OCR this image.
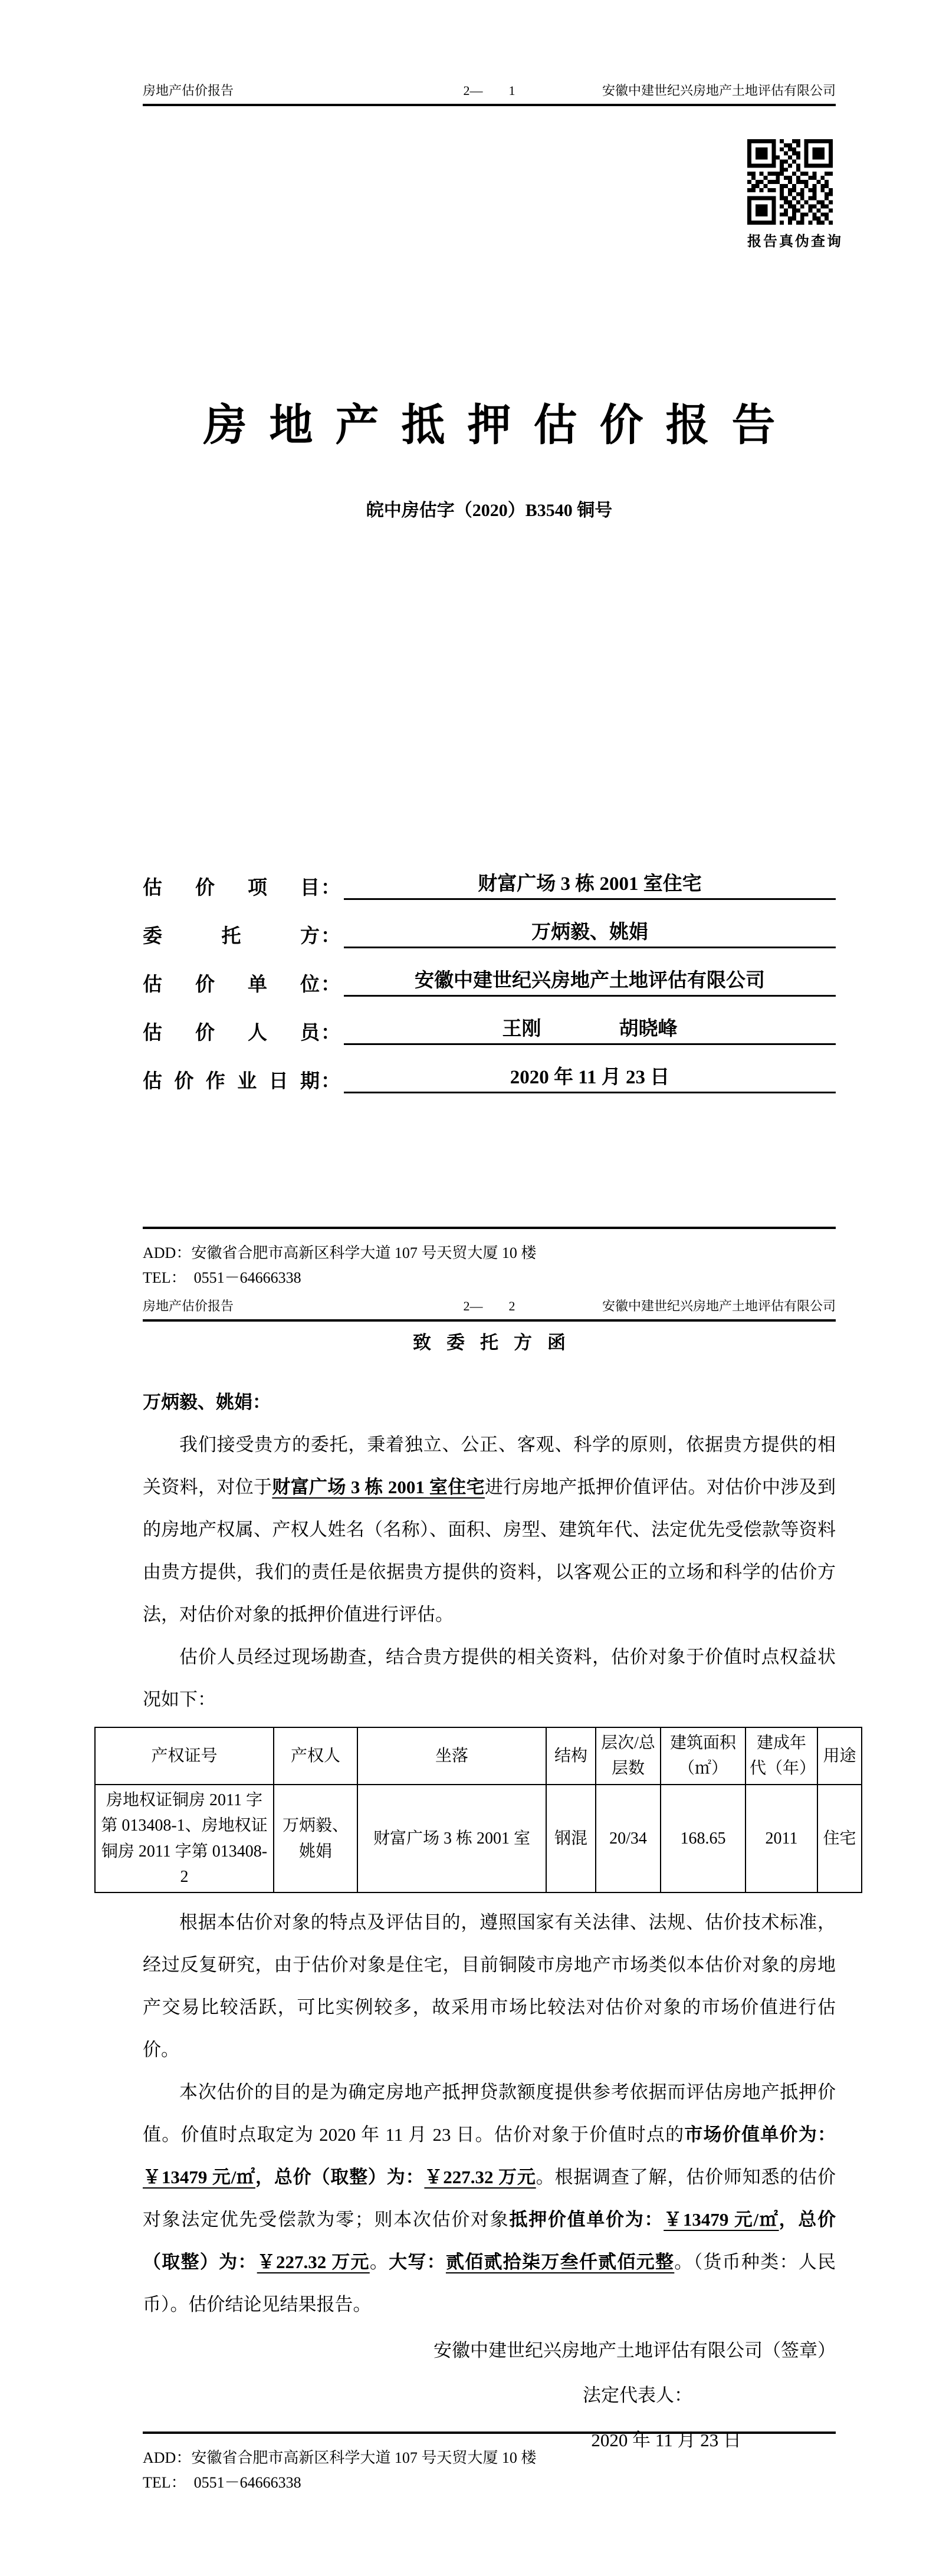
房地产估价报告	2—　　1	安徽中建世纪兴房地产土地评估有限公司
报告真伪查询
房地产抵押估价报告
皖中房估字（2020）B3540 铜号
估价项目 ：	财富广场 3 栋 2001 室住宅
委托方 ：	万炳毅、姚娟
估价单位 ：	安徽中建世纪兴房地产土地评估有限公司
估价人员 ：	王刚　　　　胡晓峰
估价作业日期 ：	2020 年 11 月 23 日
ADD：安徽省合肥市高新区科学大道 107 号天贸大厦 10 楼
TEL：　0551－64666338
房地产估价报告	2—　　2	安徽中建世纪兴房地产土地评估有限公司
致委托方函
万炳毅、姚娟：

我们接受贵方的委托，秉着独立、公正、客观、科学的原则，依据贵方提供的相关资料，对位于财富广场 3 栋 2001 室住宅进行房地产抵押价值评估。对估价中涉及到的房地产权属、产权人姓名（名称）、面积、房型、建筑年代、法定优先受偿款等资料由贵方提供，我们的责任是依据贵方提供的资料，以客观公正的立场和科学的估价方法，对估价对象的抵押价值进行评估。

估价人员经过现场勘查，结合贵方提供的相关资料，估价对象于价值时点权益状况如下：

产权证号	产权人	坐落	结构	层次/总层数	建筑面积（㎡）	建成年代（年）	用途
房地权证铜房 2011 字第 013408-1、房地权证铜房 2011 字第 013408-2	万炳毅、姚娟	财富广场 3 栋 2001 室	钢混	20/34	168.65	2011	住宅

根据本估价对象的特点及评估目的，遵照国家有关法律、法规、估价技术标准，经过反复研究，由于估价对象是住宅，目前铜陵市房地产市场类似本估价对象的房地产交易比较活跃，可比实例较多，故采用市场比较法对估价对象的市场价值进行估价。

本次估价的目的是为确定房地产抵押贷款额度提供参考依据而评估房地产抵押价值。价值时点取定为 2020 年 11 月 23 日。估价对象于价值时点的市场价值单价为：￥13479 元/㎡，总价（取整）为：￥227.32 万元。根据调查了解，估价师知悉的估价对象法定优先受偿款为零；则本次估价对象抵押价值单价为：￥13479 元/㎡，总价（取整）为：￥227.32 万元。大写：贰佰贰拾柒万叁仟贰佰元整。（货币种类：人民币）。估价结论见结果报告。

安徽中建世纪兴房地产土地评估有限公司（签章）
法定代表人：
2020 年 11 月 23 日
ADD：安徽省合肥市高新区科学大道 107 号天贸大厦 10 楼
TEL：　0551－64666338
